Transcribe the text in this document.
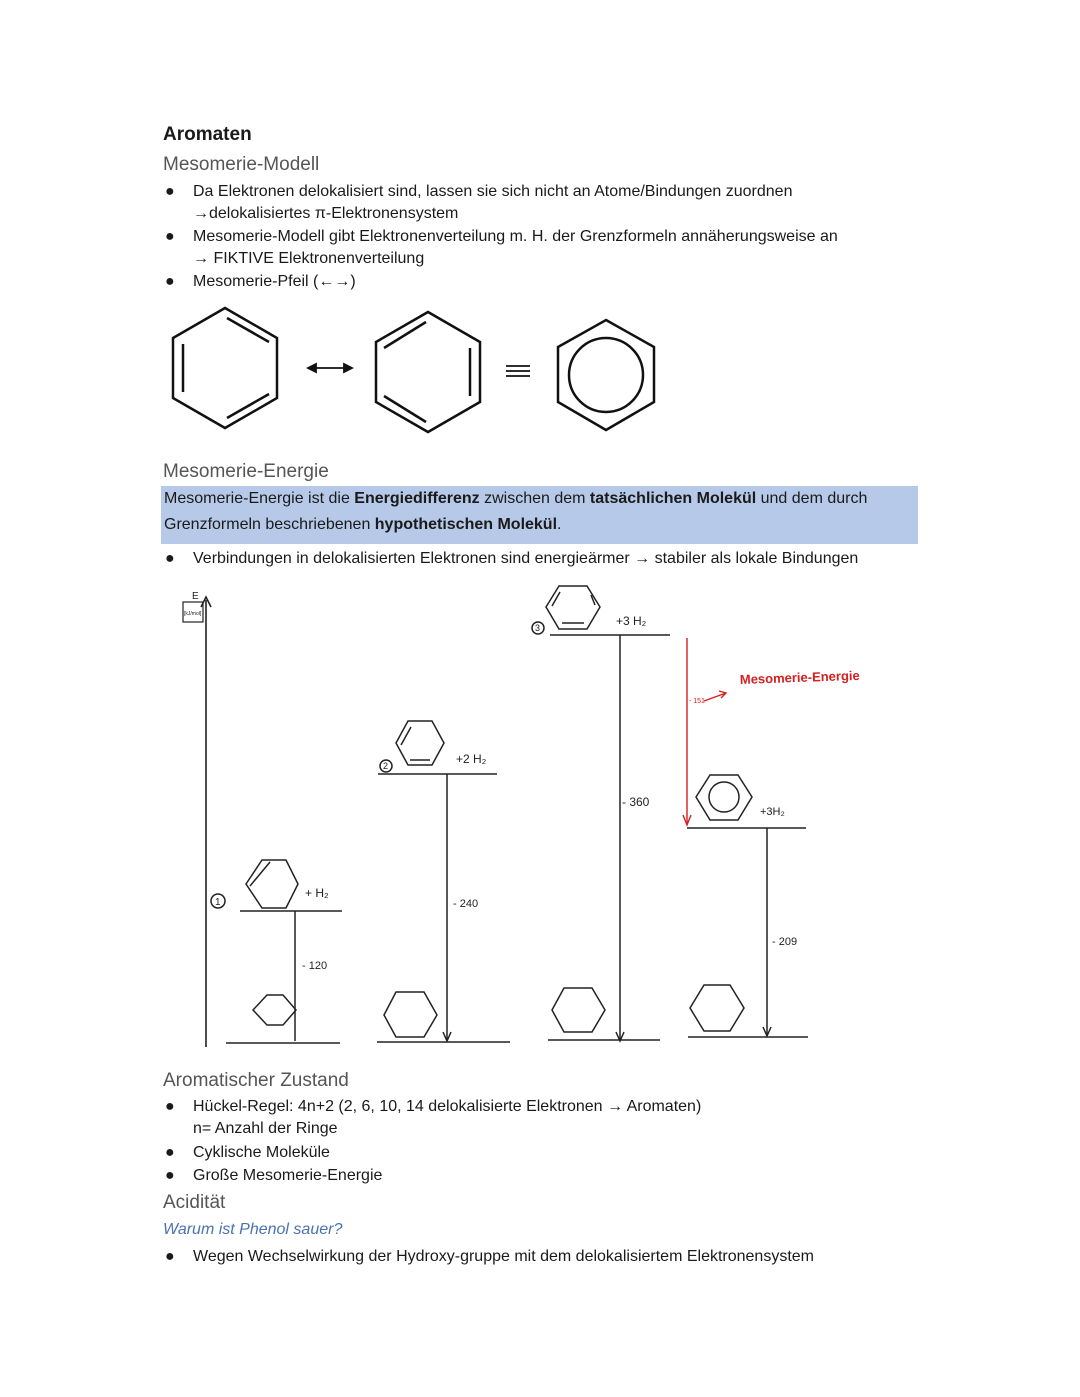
Aromaten
Mesomerie-Modell
● Da Elektronen delokalisiert sind, lassen sie sich nicht an Atome/Bindungen zuordnen
→delokalisiertes π-Elektronensystem
● Mesomerie-Modell gibt Elektronenverteilung m. H. der Grenzformeln annäherungsweise an
→ FIKTIVE Elektronenverteilung
● Mesomerie-Pfeil (←→)
Mesomerie-Energie

Mesomerie-Energie ist die Energiedifferenz zwischen dem tatsächlichen Molekül und dem durch

Grenzformeln beschriebenen hypothetischen Molekül.

● Verbindungen in delokalisierten Elektronen sind energieärmer → stabiler als lokale Bindungen
E
[kJ/mol]
1
+ H₂
- 120
2	+2 H₂
- 240
3	+3 H₂
- 360
+3H₂
- 209
- 151
Mesomerie-Energie
Aromatischer Zustand
● Hückel-Regel: 4n+2 (2, 6, 10, 14 delokalisierte Elektronen → Aromaten)
n= Anzahl der Ringe
● Cyklische Moleküle
● Große Mesomerie-Energie
Acidität
Warum ist Phenol sauer?
● Wegen Wechselwirkung der Hydroxy-gruppe mit dem delokalisiertem Elektronensystem
